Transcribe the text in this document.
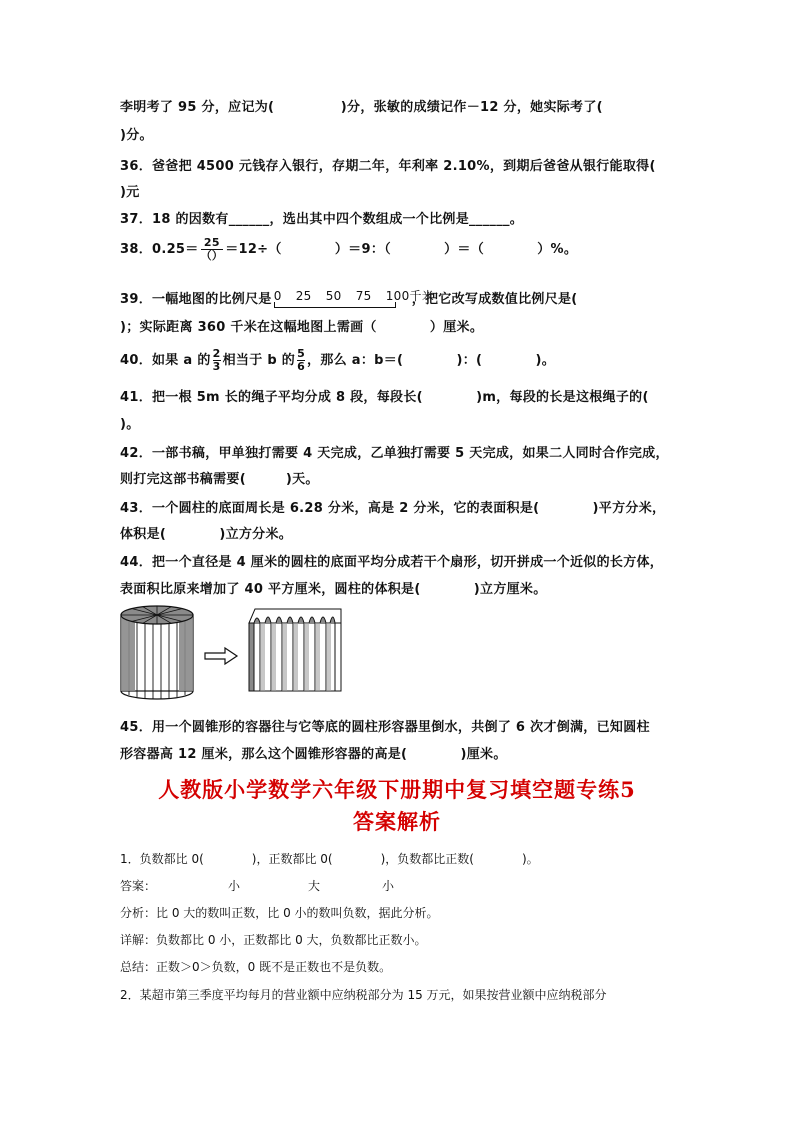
李明考了 95 分，应记为(　　　　　)分，张敏的成绩记作－12 分，她实际考了(
)分。
36．爸爸把 4500 元钱存入银行，存期二年，年利率 2.10%，到期后爸爸从银行能取得(
)元
37．18 的因数有______，选出其中四个数组成一个比例是______。
38．$0.25= \frac{25}{()} =12\div$（　　　　）＝9：（　　　　）＝（　　　　）%。
39．一幅地图的比例尺是 0 25 50 75 100千米
，把它改写成数值比例尺是(
)；实际距离 360 千米在这幅地图上需画（　　　　）厘米。
40．如果 a 的 $\frac{2}{3}$ 相当于 b 的 $\frac{5}{6}$ ，那么 a：b＝(　　　　)：(　　　　)。
41．把一根 5m 长的绳子平均分成 8 段，每段长(　　　　)m，每段的长是这根绳子的(
)。
42．一部书稿，甲单独打需要 4 天完成，乙单独打需要 5 天完成，如果二人同时合作完成，
则打完这部书稿需要(　　　)天。
43．一个圆柱的底面周长是 6.28 分米，高是 2 分米，它的表面积是(　　　　)平方分米，
体积是(　　　　)立方分米。
44．把一个直径是 4 厘米的圆柱的底面平均分成若干个扇形，切开拼成一个近似的长方体，
表面积比原来增加了 40 平方厘米，圆柱的体积是(　　　　)立方厘米。
45．用一个圆锥形的容器往与它等底的圆柱形容器里倒水，共倒了 6 次才倒满，已知圆柱
形容器高 12 厘米，那么这个圆锥形容器的高是(　　　　)厘米。
人教版小学数学六年级下册期中复习填空题专练5
答案解析
1．负数都比 0(　　　　)，正数都比 0(　　　　)，负数都比正数(　　　　)。
答案：	小	大	小
分析：比 0 大的数叫正数，比 0 小的数叫负数，据此分析。
详解：负数都比 0 小，正数都比 0 大，负数都比正数小。
总结：正数＞0＞负数，0 既不是正数也不是负数。
2．某超市第三季度平均每月的营业额中应纳税部分为 15 万元，如果按营业额中应纳税部分
